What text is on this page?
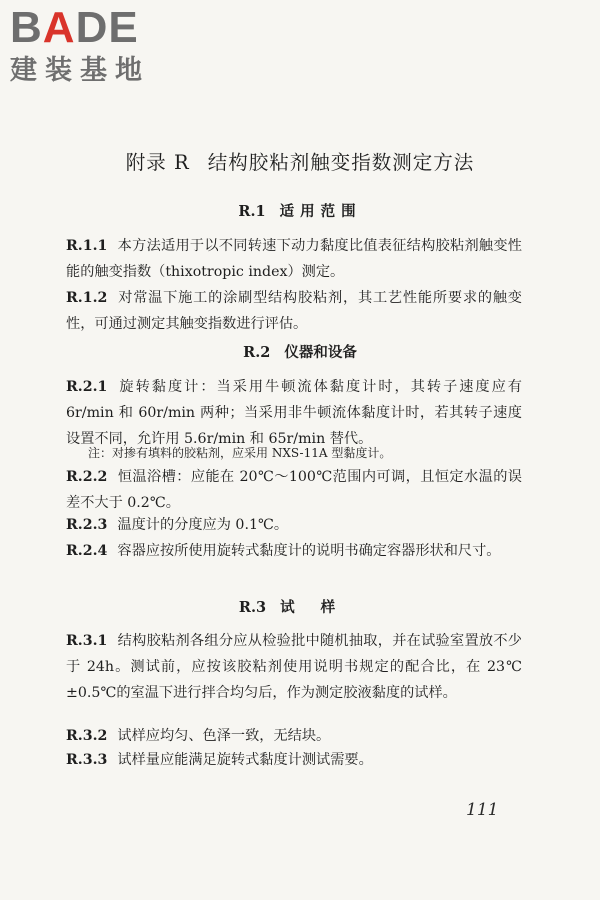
BADE
建装基地
附录 R 结构胶粘剂触变指数测定方法
R.1 适用范围

R.1.1 本方法适用于以不同转速下动力黏度比值表征结构胶粘剂触变性能的触变指数（thixotropic index）测定。

R.1.2 对常温下施工的涂刷型结构胶粘剂，其工艺性能所要求的触变性，可通过测定其触变指数进行评估。

R.2 仪器和设备

R.2.1 旋转黏度计：当采用牛顿流体黏度计时，其转子速度应有 6r/min 和 60r/min 两种；当采用非牛顿流体黏度计时，若其转子速度设置不同，允许用 5.6r/min 和 65r/min 替代。

注：对掺有填料的胶粘剂，应采用 NXS-11A 型黏度计。

R.2.2 恒温浴槽：应能在 20℃～100℃范围内可调，且恒定水温的误差不大于 0.2℃。

R.2.3 温度计的分度应为 0.1℃。

R.2.4 容器应按所使用旋转式黏度计的说明书确定容器形状和尺寸。

R.3 试样

R.3.1 结构胶粘剂各组分应从检验批中随机抽取，并在试验室置放不少于 24h。测试前，应按该胶粘剂使用说明书规定的配合比，在 23℃±0.5℃的室温下进行拌合均匀后，作为测定胶液黏度的试样。

R.3.2 试样应均匀、色泽一致，无结块。

R.3.3 试样量应能满足旋转式黏度计测试需要。

111
